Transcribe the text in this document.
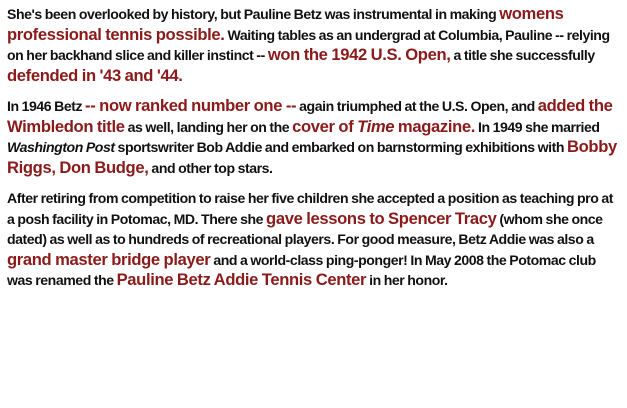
She's been overlooked by history, but Pauline Betz was instrumental in making womens professional tennis possible. Waiting tables as an undergrad at Columbia, Pauline -- relying on her backhand slice and killer instinct -- won the 1942 U.S. Open, a title she successfully defended in '43 and '44.

In 1946 Betz -- now ranked number one -- again triumphed at the U.S. Open, and added the Wimbledon title as well, landing her on the cover of Time magazine. In 1949 she married Washington Post sportswriter Bob Addie and embarked on barnstorming exhibitions with Bobby Riggs, Don Budge, and other top stars.

After retiring from competition to raise her five children she accepted a position as teaching pro at a posh facility in Potomac, MD. There she gave lessons to Spencer Tracy (whom she once dated) as well as to hundreds of recreational players. For good measure, Betz Addie was also a grand master bridge player and a world-class ping-ponger! In May 2008 the Potomac club was renamed the Pauline Betz Addie Tennis Center in her honor.
